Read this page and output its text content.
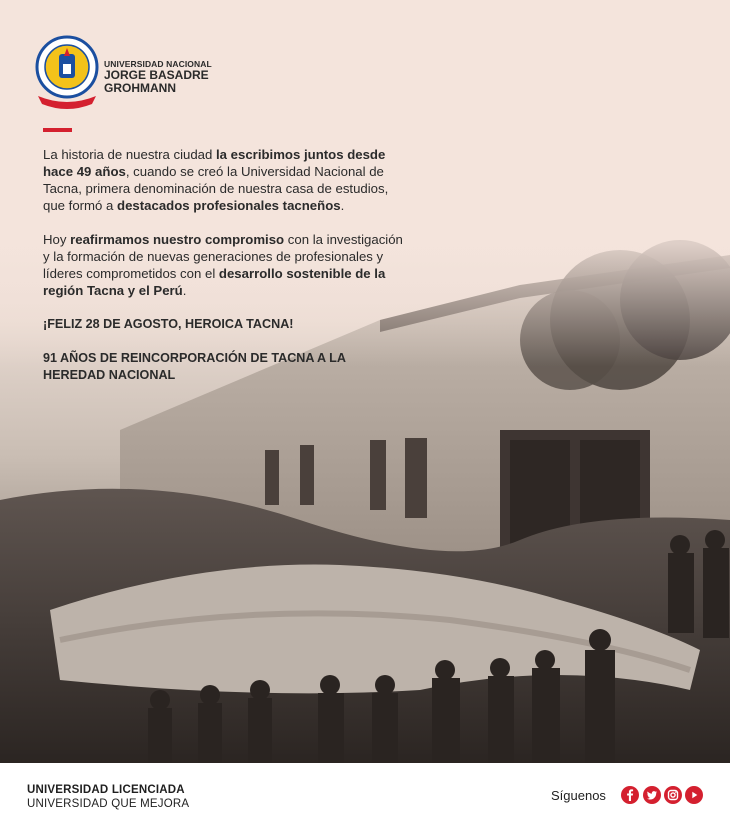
UNIVERSIDAD NACIONAL
JORGE BASADRE
GROHMANN

La historia de nuestra ciudad la escribimos juntos desde hace 49 años, cuando se creó la Universidad Nacional de Tacna, primera denominación de nuestra casa de estudios, que formó a destacados profesionales tacneños.

Hoy reafirmamos nuestro compromiso con la investigación y la formación de nuevas generaciones de profesionales y líderes comprometidos con el desarrollo sostenible de la región Tacna y el Perú.

¡FELIZ 28 DE AGOSTO, HEROICA TACNA!

91 AÑOS DE REINCORPORACIÓN DE TACNA A LA HEREDAD NACIONAL

UNIVERSIDAD LICENCIADA
UNIVERSIDAD QUE MEJORA
Síguenos
